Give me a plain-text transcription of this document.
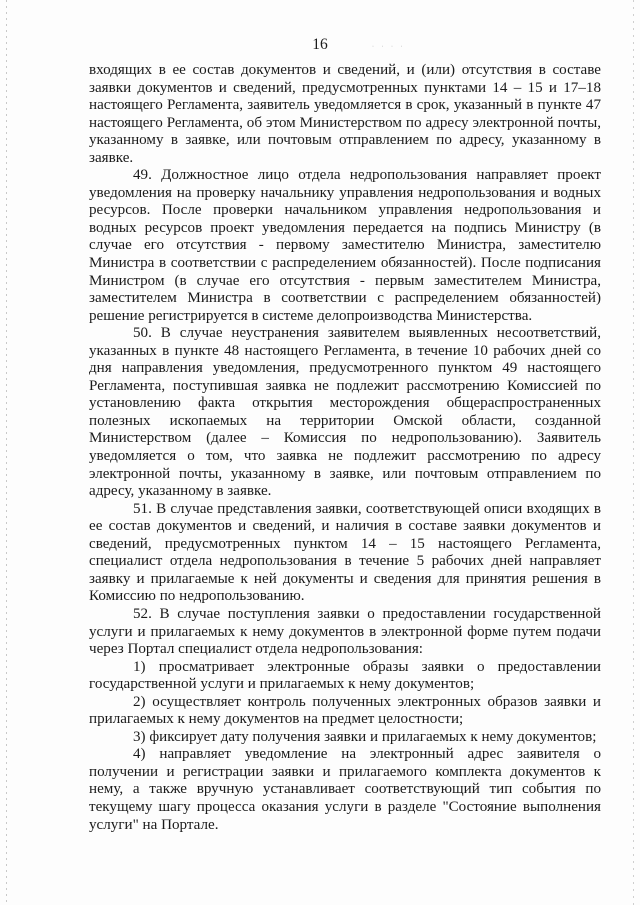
16	· · · ·

входящих в ее состав документов и сведений, и (или) отсутствия в составе заявки документов и сведений, предусмотренных пунктами 14 – 15 и 17–18 настоящего Регламента, заявитель уведомляется в срок, указанный в пункте 47 настоящего Регламента, об этом Министерством по адресу электронной почты, указанному в заявке, или почтовым отправлением по адресу, указанному в заявке.

49. Должностное лицо отдела недропользования направляет проект уведомления на проверку начальнику управления недропользования и водных ресурсов. После проверки начальником управления недропользования и водных ресурсов проект уведомления передается на подпись Министру (в случае его отсутствия - первому заместителю Министра, заместителю Министра в соответствии с распределением обязанностей). После подписания Министром (в случае его отсутствия - первым заместителем Министра, заместителем Министра в соответствии с распределением обязанностей) решение регистрируется в системе делопроизводства Министерства.

50. В случае неустранения заявителем выявленных несоответствий, указанных в пункте 48 настоящего Регламента, в течение 10 рабочих дней со дня направления уведомления, предусмотренного пунктом 49 настоящего Регламента, поступившая заявка не подлежит рассмотрению Комиссией по установлению факта открытия месторождения общераспространенных полезных ископаемых на территории Омской области, созданной Министерством (далее – Комиссия по недропользованию). Заявитель уведомляется о том, что заявка не подлежит рассмотрению по адресу электронной почты, указанному в заявке, или почтовым отправлением по адресу, указанному в заявке.

51. В случае представления заявки, соответствующей описи входящих в ее состав документов и сведений, и наличия в составе заявки документов и сведений, предусмотренных пунктом 14 – 15 настоящего Регламента, специалист отдела недропользования в течение 5 рабочих дней направляет заявку и прилагаемые к ней документы и сведения для принятия решения в Комиссию по недропользованию.

52. В случае поступления заявки о предоставлении государственной услуги и прилагаемых к нему документов в электронной форме путем подачи через Портал специалист отдела недропользования:

1) просматривает электронные образы заявки о предоставлении государственной услуги и прилагаемых к нему документов;

2) осуществляет контроль полученных электронных образов заявки и прилагаемых к нему документов на предмет целостности;

3) фиксирует дату получения заявки и прилагаемых к нему документов;

4) направляет уведомление на электронный адрес заявителя о получении и регистрации заявки и прилагаемого комплекта документов к нему, а также вручную устанавливает соответствующий тип события по текущему шагу процесса оказания услуги в разделе "Состояние выполнения услуги" на Портале.
